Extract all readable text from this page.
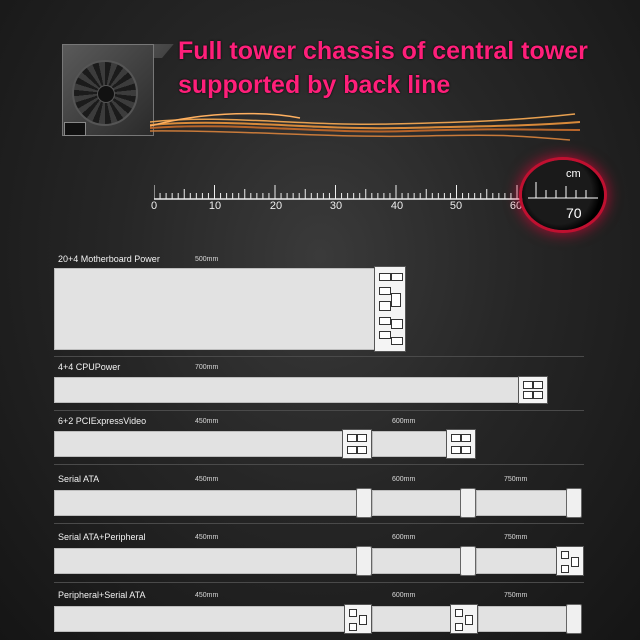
Full tower chassis of central tower
supported by back line
0	10	20	30	40	50	60
cm
70
20+4 Motherboard Power	500mm
4+4 CPUPower	700mm
6+2 PCIExpressVideo	450mm	600mm
Serial ATA	450mm	600mm	750mm
Serial ATA+Peripheral	450mm	600mm	750mm
Peripheral+Serial ATA	450mm	600mm	750mm
